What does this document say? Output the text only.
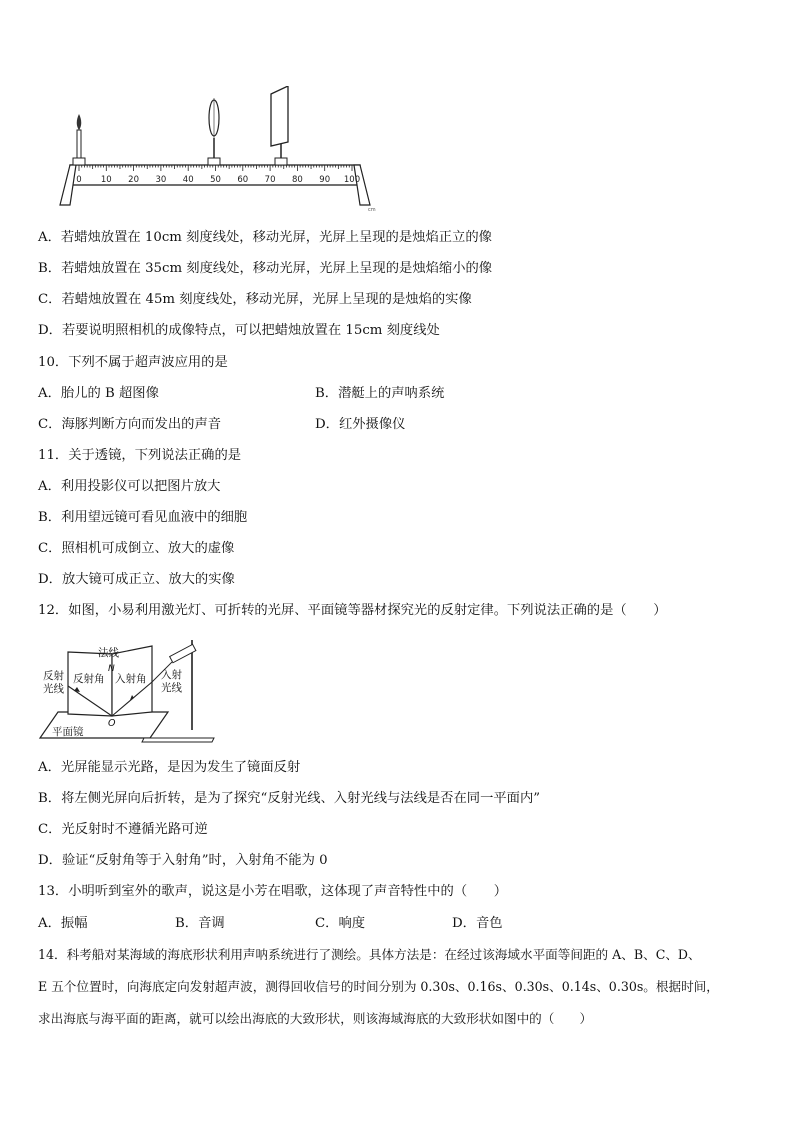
0 10 20 30 40 50 60 70 80 90 100
cm
A．若蜡烛放置在 10cm 刻度线处，移动光屏，光屏上呈现的是烛焰正立的像
B．若蜡烛放置在 35cm 刻度线处，移动光屏，光屏上呈现的是烛焰缩小的像
C．若蜡烛放置在 45m 刻度线处，移动光屏，光屏上呈现的是烛焰的实像
D．若要说明照相机的成像特点，可以把蜡烛放置在 15cm 刻度线处
10．下列不属于超声波应用的是
A．胎儿的 B 超图像	B．潜艇上的声呐系统
C．海豚判断方向而发出的声音	D．红外摄像仪
11．关于透镜，下列说法正确的是
A．利用投影仪可以把图片放大
B．利用望远镜可看见血液中的细胞
C．照相机可成倒立、放大的虚像
D．放大镜可成正立、放大的实像
12．如图，小易利用激光灯、可折转的光屏、平面镜等器材探究光的反射定律。下列说法正确的是（　　）
法线
N
反射
光线
反射角 入射角 入射
光线
O
平面镜
A．光屏能显示光路，是因为发生了镜面反射
B．将左侧光屏向后折转，是为了探究“反射光线、入射光线与法线是否在同一平面内”
C．光反射时不遵循光路可逆
D．验证“反射角等于入射角”时，入射角不能为 0
13．小明听到室外的歌声，说这是小芳在唱歌，这体现了声音特性中的（　　）
A．振幅	B．音调	C．响度	D．音色
14．科考船对某海域的海底形状利用声呐系统进行了测绘。具体方法是：在经过该海域水平面等间距的 A、B、C、D、
E 五个位置时，向海底定向发射超声波，测得回收信号的时间分别为 0.30s、0.16s、0.30s、0.14s、0.30s。根据时间，
求出海底与海平面的距离，就可以绘出海底的大致形状，则该海域海底的大致形状如图中的（　　）
